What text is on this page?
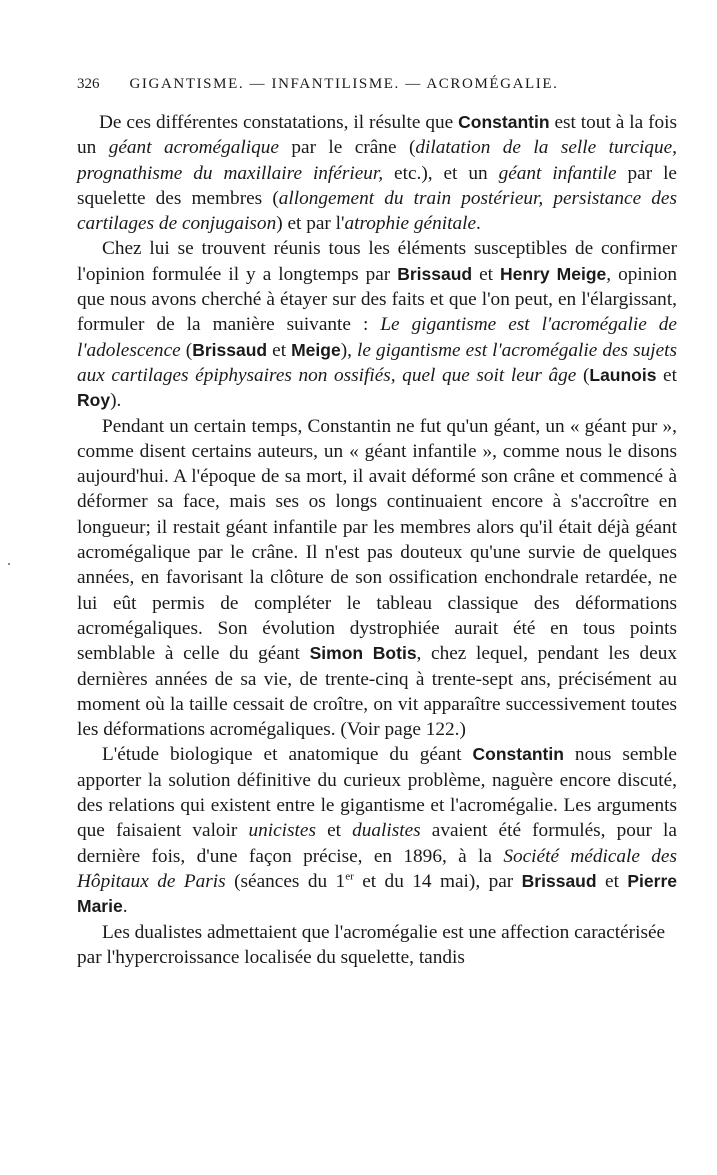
326 GIGANTISME. — INFANTILISME. — ACROMÉGALIE.

De ces différentes constatations, il résulte que Constantin est tout à la fois un géant acromégalique par le crâne (dilatation de la selle turcique, prognathisme du maxillaire inférieur, etc.), et un géant infantile par le squelette des membres (allongement du train postérieur, persistance des cartilages de conjugaison) et par l'atrophie génitale.

Chez lui se trouvent réunis tous les éléments susceptibles de confirmer l'opinion formulée il y a longtemps par Brissaud et Henry Meige, opinion que nous avons cherché à étayer sur des faits et que l'on peut, en l'élargissant, formuler de la manière suivante : Le gigantisme est l'acromégalie de l'adolescence (Brissaud et Meige), le gigantisme est l'acromégalie des sujets aux cartilages épiphysaires non ossifiés, quel que soit leur âge (Launois et Roy).

Pendant un certain temps, Constantin ne fut qu'un géant, un « géant pur », comme disent certains auteurs, un « géant infantile », comme nous le disons aujourd'hui. A l'époque de sa mort, il avait déformé son crâne et commencé à déformer sa face, mais ses os longs continuaient encore à s'accroître en longueur; il restait géant infantile par les membres alors qu'il était déjà géant acromégalique par le crâne. Il n'est pas douteux qu'une survie de quelques années, en favorisant la clôture de son ossification enchondrale retardée, ne lui eût permis de compléter le tableau classique des déformations acromégaliques. Son évolution dystrophiée aurait été en tous points semblable à celle du géant Simon Botis, chez lequel, pendant les deux dernières années de sa vie, de trente-cinq à trente-sept ans, précisément au moment où la taille cessait de croître, on vit apparaître successivement toutes les déformations acromégaliques. (Voir page 122.)

L'étude biologique et anatomique du géant Constantin nous semble apporter la solution définitive du curieux problème, naguère encore discuté, des relations qui existent entre le gigantisme et l'acromégalie. Les arguments que faisaient valoir unicistes et dualistes avaient été formulés, pour la dernière fois, d'une façon précise, en 1896, à la Société médicale des Hôpitaux de Paris (séances du 1er et du 14 mai), par Brissaud et Pierre Marie.

Les dualistes admettaient que l'acromégalie est une affection caractérisée par l'hypercroissance localisée du squelette, tandis
